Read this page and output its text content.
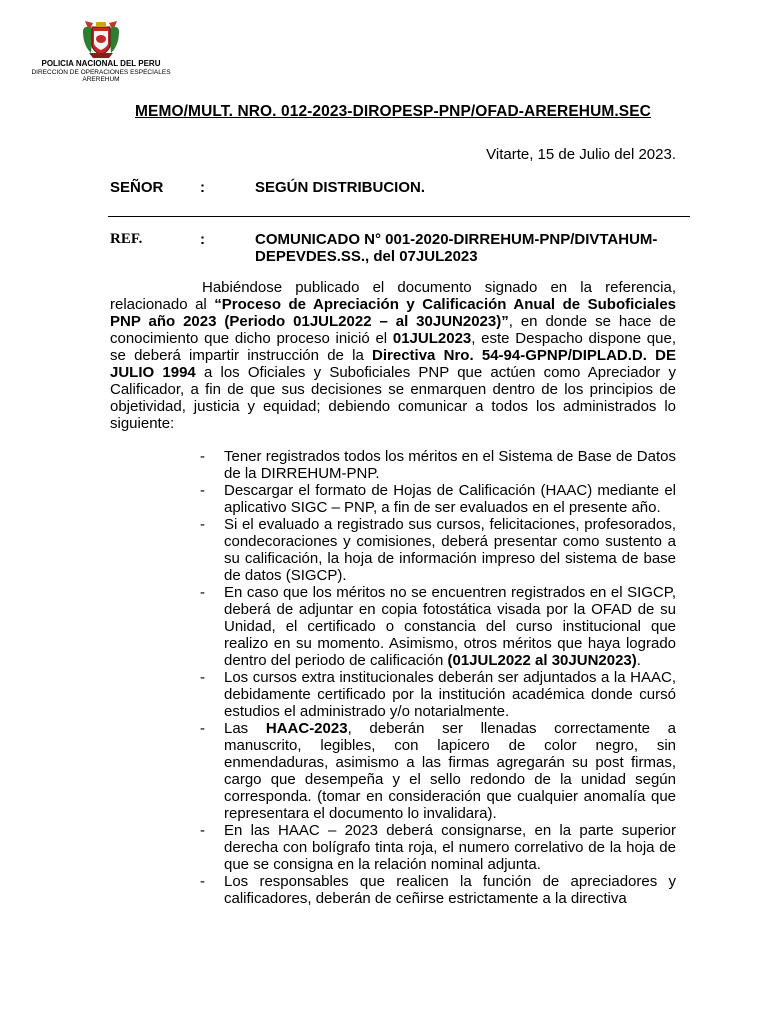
POLICIA NACIONAL DEL PERU
DIRECCION DE OPERACIONES ESPECIALES
AREREHUM
MEMO/MULT. NRO. 012-2023-DIROPESP-PNP/OFAD-AREREHUM.SEC
Vitarte, 15 de Julio del 2023.
SEÑOR :	SEGÚN DISTRIBUCION.
REF.	:	COMUNICADO N° 001-2020-DIRREHUM-PNP/DIVTAHUM-
DEPEVDES.SS., del 07JUL2023

Habiéndose publicado el documento signado en la referencia, relacionado al “Proceso de Apreciación y Calificación Anual de Suboficiales PNP año 2023 (Periodo 01JUL2022 – al 30JUN2023)”, en donde se hace de conocimiento que dicho proceso inició el 01JUL2023, este Despacho dispone que, se deberá impartir instrucción de la Directiva Nro. 54-94-GPNP/DIPLAD.D. DE JULIO 1994 a los Oficiales y Suboficiales PNP que actúen como Apreciador y Calificador, a fin de que sus decisiones se enmarquen dentro de los principios de objetividad, justicia y equidad; debiendo comunicar a todos los administrados lo siguiente:

- Tener registrados todos los méritos en el Sistema de Base de Datos de la DIRREHUM-PNP.
- Descargar el formato de Hojas de Calificación (HAAC) mediante el aplicativo SIGC – PNP, a fin de ser evaluados en el presente año.
- Si el evaluado a registrado sus cursos, felicitaciones, profesorados, condecoraciones y comisiones, deberá presentar como sustento a su calificación, la hoja de información impreso del sistema de base de datos (SIGCP).
- En caso que los méritos no se encuentren registrados en el SIGCP, deberá de adjuntar en copia fotostática visada por la OFAD de su Unidad, el certificado o constancia del curso institucional que realizo en su momento. Asimismo, otros méritos que haya logrado dentro del periodo de calificación (01JUL2022 al 30JUN2023).
- Los cursos extra institucionales deberán ser adjuntados a la HAAC, debidamente certificado por la institución académica donde cursó estudios el administrado y/o notarialmente.
- Las HAAC-2023, deberán ser llenadas correctamente a manuscrito, legibles, con lapicero de color negro, sin enmendaduras, asimismo a las firmas agregarán su post firmas, cargo que desempeña y el sello redondo de la unidad según corresponda. (tomar en consideración que cualquier anomalía que representara el documento lo invalidara).
- En las HAAC – 2023 deberá consignarse, en la parte superior derecha con bolígrafo tinta roja, el numero correlativo de la hoja de que se consigna en la relación nominal adjunta.
- Los responsables que realicen la función de apreciadores y calificadores, deberán de ceñirse estrictamente a la directiva
